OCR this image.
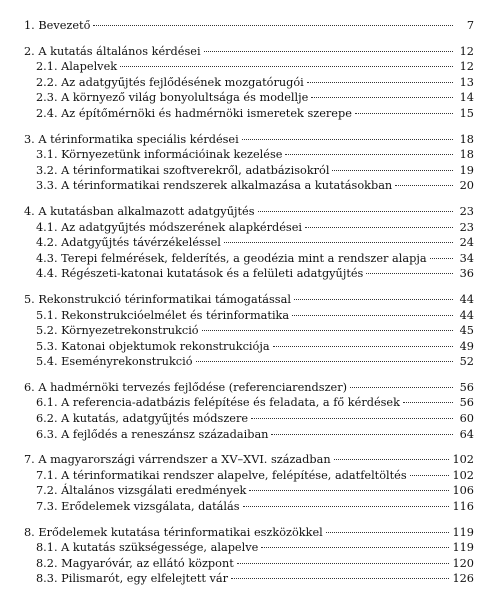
1. Bevezető	7
2. A kutatás általános kérdései	12
2.1. Alapelvek	12
2.2. Az adatgyűjtés fejlődésének mozgatórugói	13
2.3. A környező világ bonyolultsága és modellje	14
2.4. Az építőmérnöki és hadmérnöki ismeretek szerepe	15
3. A térinformatika speciális kérdései	18
3.1. Környezetünk információinak kezelése	18
3.2. A térinformatikai szoftverekről, adatbázisokról	19
3.3. A térinformatikai rendszerek alkalmazása a kutatásokban	20
4. A kutatásban alkalmazott adatgyűjtés	23
4.1. Az adatgyűjtés módszerének alapkérdései	23
4.2. Adatgyűjtés távérzékeléssel	24
4.3. Terepi felmérések, felderítés, a geodézia mint a rendszer alapja	34
4.4. Régészeti-katonai kutatások és a felületi adatgyűjtés	36
5. Rekonstrukció térinformatikai támogatással	44
5.1. Rekonstrukcióelmélet és térinformatika	44
5.2. Környezetrekonstrukció	45
5.3. Katonai objektumok rekonstrukciója	49
5.4. Eseményrekonstrukció	52
6. A hadmérnöki tervezés fejlődése (referenciarendszer)	56
6.1. A referencia-adatbázis felépítése és feladata, a fő kérdések	56
6.2. A kutatás, adatgyűjtés módszere	60
6.3. A fejlődés a reneszánsz századaiban	64
7. A magyarországi várrendszer a XV–XVI. században	102
7.1. A térinformatikai rendszer alapelve, felépítése, adatfeltöltés	102
7.2. Általános vizsgálati eredmények	106
7.3. Erődelemek vizsgálata, datálás	116
8. Erődelemek kutatása térinformatikai eszközökkel	119
8.1. A kutatás szükségessége, alapelve	119
8.2. Magyaróvár, az ellátó központ	120
8.3. Pilismarót, egy elfelejtett vár	126
